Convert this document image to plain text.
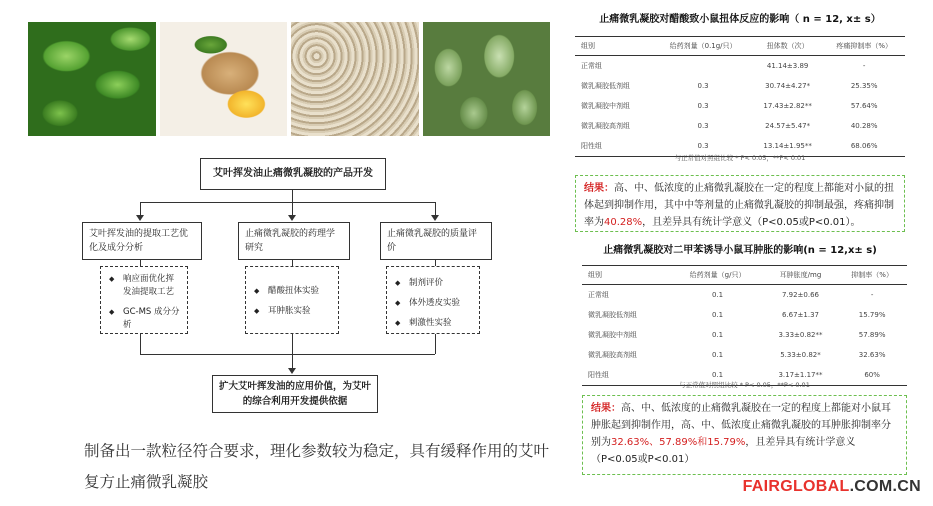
艾叶挥发油止痛微乳凝胶的产品开发
艾叶挥发油的提取工艺优化及成分分析
止痛微乳凝胶的药理学研究
止痛微乳凝胶的质量评价
◆ 响应面优化挥发油提取工艺
◆ GC-MS 成分分析
◆ 醋酸扭体实验
◆ 耳肿胀实验
◆ 制剂评价
◆ 体外透皮实验
◆ 刺激性实验
扩大艾叶挥发油的应用价值，为艾叶的综合利用开发提供依据
制备出一款粒径符合要求，理化参数较为稳定，具有缓释作用的艾叶复方止痛微乳凝胶
止痛微乳凝胶对醋酸致小鼠扭体反应的影响（ n = 12, x± s）
组别	给药剂量（0.1g/只）	扭体数（次）	疼痛抑制率（%）
正常组		41.14±3.89	-
微乳凝胶低剂组	0.3	30.74±4.27*	25.35%
微乳凝胶中剂组	0.3	17.43±2.82**	57.64%
微乳凝胶高剂组	0.3	24.57±5.47*	40.28%
阳性组	0.3	13.14±1.95**	68.06%
与正常值对照组比较 * P< 0.05，**P< 0.01
结果：高、中、低浓度的止痛微乳凝胶在一定的程度上都能对小鼠的扭体起到抑制作用，其中中等剂量的止痛微乳凝胶的抑制最强，疼痛抑制率为40.28%，且差异具有统计学意义（P<0.05或P<0.01）。
止痛微乳凝胶对二甲苯诱导小鼠耳肿胀的影响(n = 12,x± s)
组别	给药剂量（g/只）	耳肿胀度/mg	抑制率（%）
正常组	0.1	7.92±0.66	-
微乳凝胶低剂组	0.1	6.67±1.37	15.79%
微乳凝胶中剂组	0.1	3.33±0.82**	57.89%
微乳凝胶高剂组	0.1	5.33±0.82*	32.63%
阳性组	0.1	3.17±1.17**	60%
与正常值对照组比较 * P< 0.05，**P< 0.01
结果：高、中、低浓度的止痛微乳凝胶在一定的程度上都能对小鼠耳肿胀起到抑制作用，高、中、低浓度止痛微乳凝胶的耳肿胀抑制率分别为32.63%、57.89%和15.79%，且差异具有统计学意义（P<0.05或P<0.01）
FAIRGLOBAL.COM.CN
